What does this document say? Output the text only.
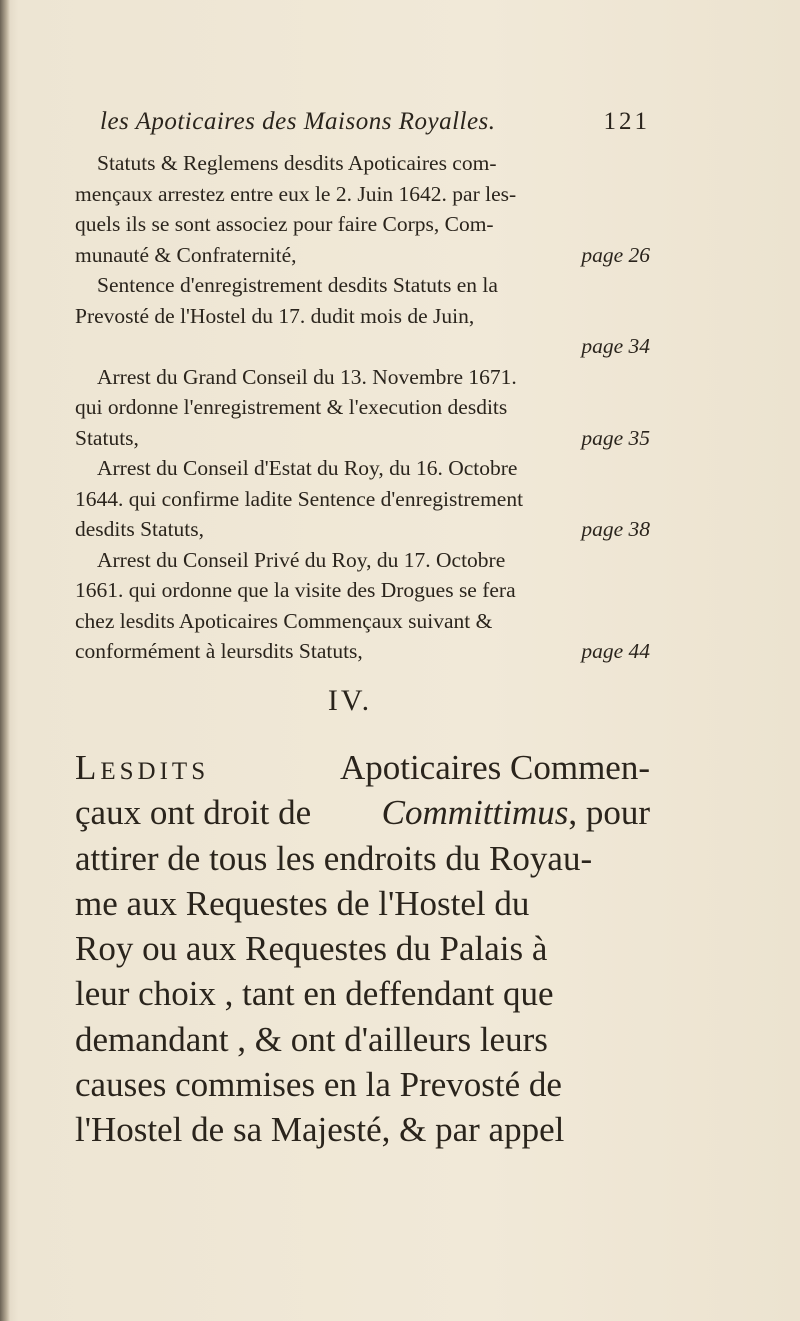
les Apoticaires des Maisons Royalles.	121
Statuts & Reglemens desdits Apoticaires com-
mençaux arrestez entre eux le 2. Juin 1642. par les-
quels ils se sont associez pour faire Corps, Com-
munauté & Confraternité,	page 26
Sentence d'enregistrement desdits Statuts en la
Prevosté de l'Hostel du 17. dudit mois de Juin,
page 34
Arrest du Grand Conseil du 13. Novembre 1671.
qui ordonne l'enregistrement & l'execution desdits
Statuts,	page 35
Arrest du Conseil d'Estat du Roy, du 16. Octobre
1644. qui confirme ladite Sentence d'enregistrement
desdits Statuts,	page 38
Arrest du Conseil Privé du Roy, du 17. Octobre
1661. qui ordonne que la visite des Drogues se fera
chez lesdits Apoticaires Commençaux suivant &
conformément à leursdits Statuts,	page 44
IV.
Lesdits	Apoticaires Commen-
çaux ont droit de Committimus, pour
attirer de tous les endroits du Royau-
me aux Requestes de l'Hostel du
Roy ou aux Requestes du Palais à
leur choix , tant en deffendant que
demandant , & ont d'ailleurs leurs
causes commises en la Prevosté de
l'Hostel de sa Majesté, & par appel
